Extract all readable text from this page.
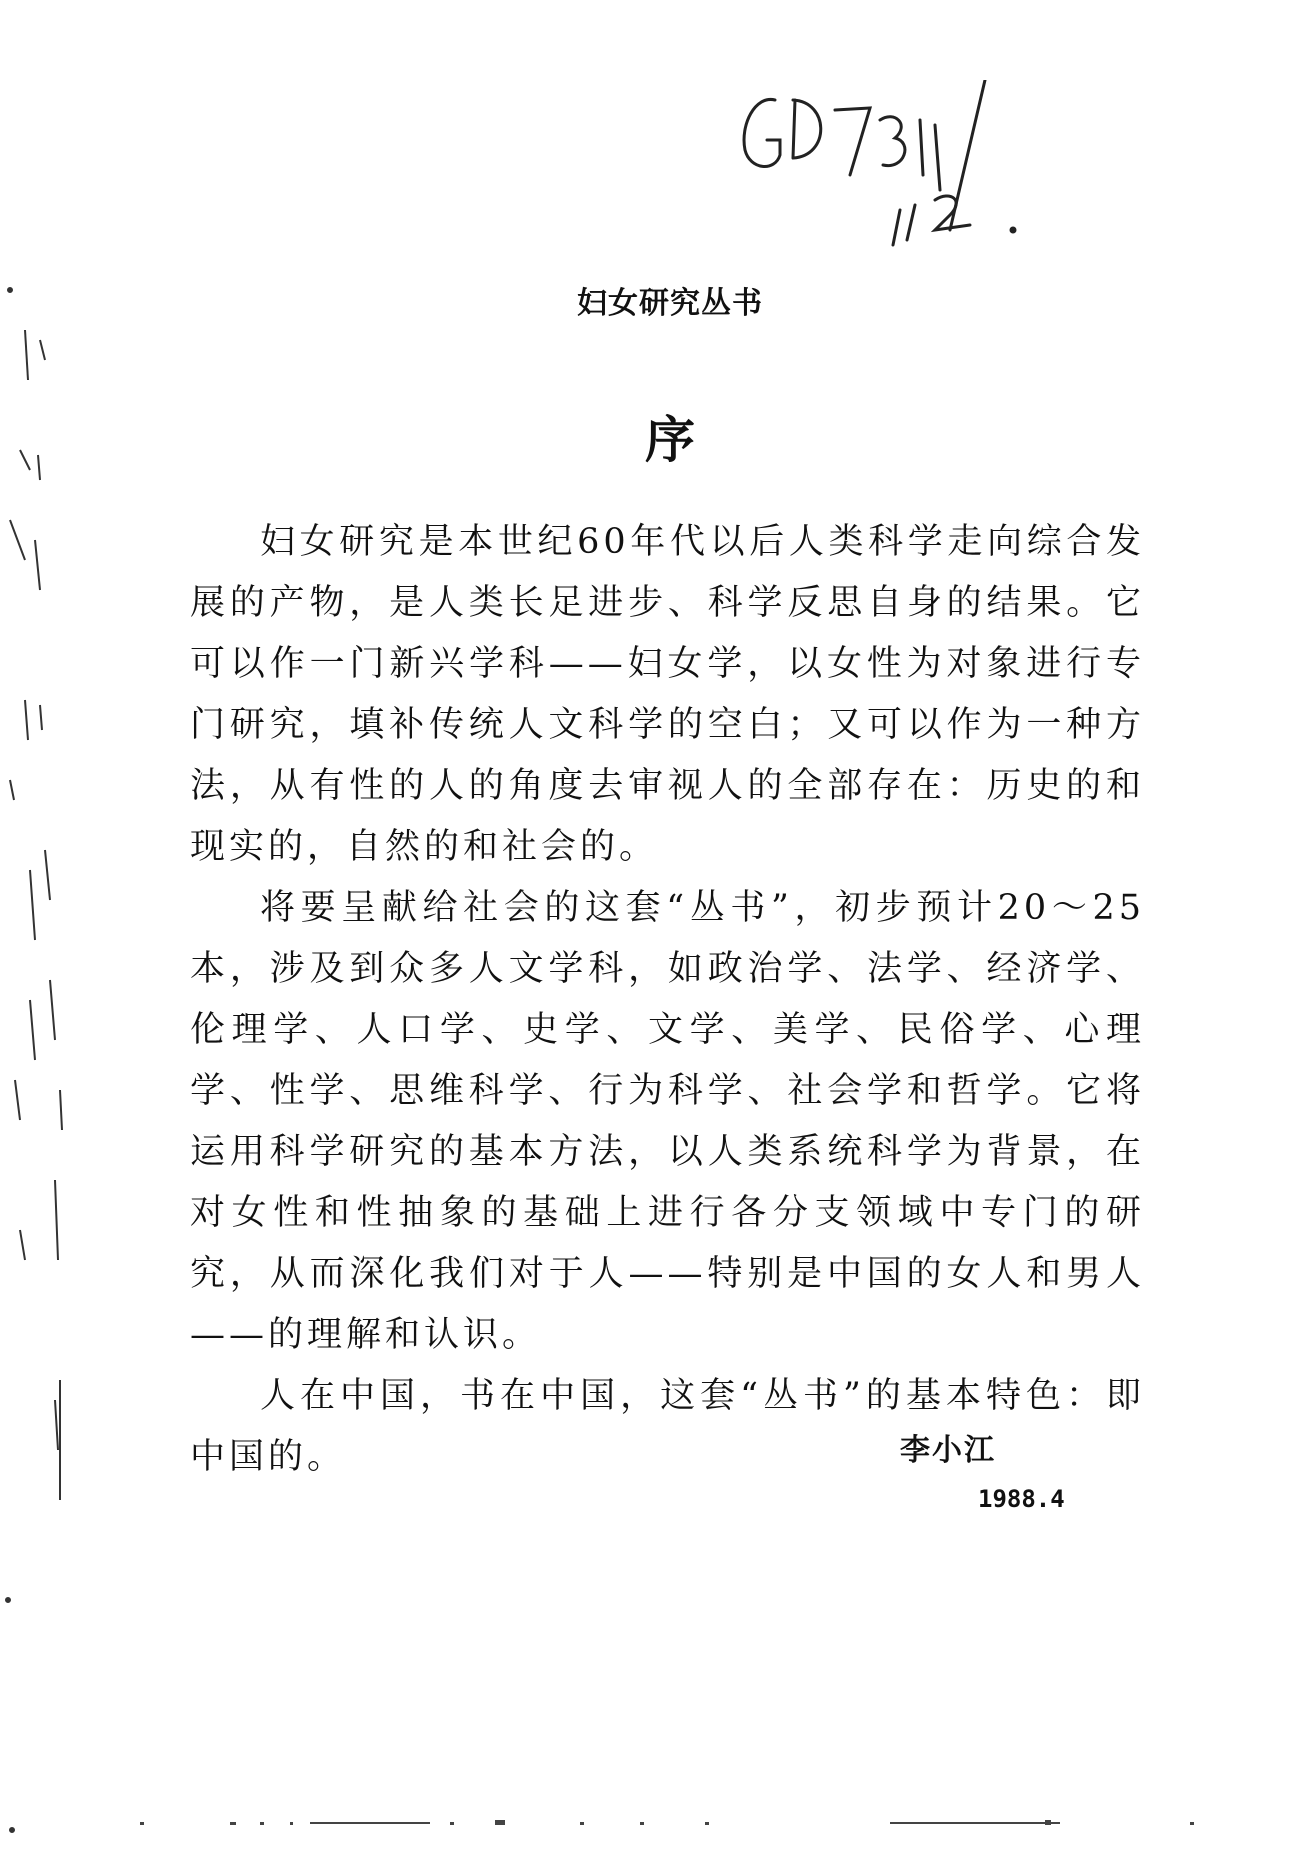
妇女研究丛书
序

妇女研究是本世纪60年代以后人类科学走向综合发展的产物，是人类长足进步、科学反思自身的结果。它可以作一门新兴学科——妇女学，以女性为对象进行专门研究，填补传统人文科学的空白；又可以作为一种方法，从有性的人的角度去审视人的全部存在：历史的和现实的，自然的和社会的。

将要呈献给社会的这套“丛书”，初步预计20～25本，涉及到众多人文学科，如政治学、法学、经济学、伦理学、人口学、史学、文学、美学、民俗学、心理学、性学、思维科学、行为科学、社会学和哲学。它将运用科学研究的基本方法，以人类系统科学为背景，在对女性和性抽象的基础上进行各分支领域中专门的研究，从而深化我们对于人——特别是中国的女人和男人——的理解和认识。

人在中国，书在中国，这套“丛书”的基本特色：即中国的。	李小江
1988.4
